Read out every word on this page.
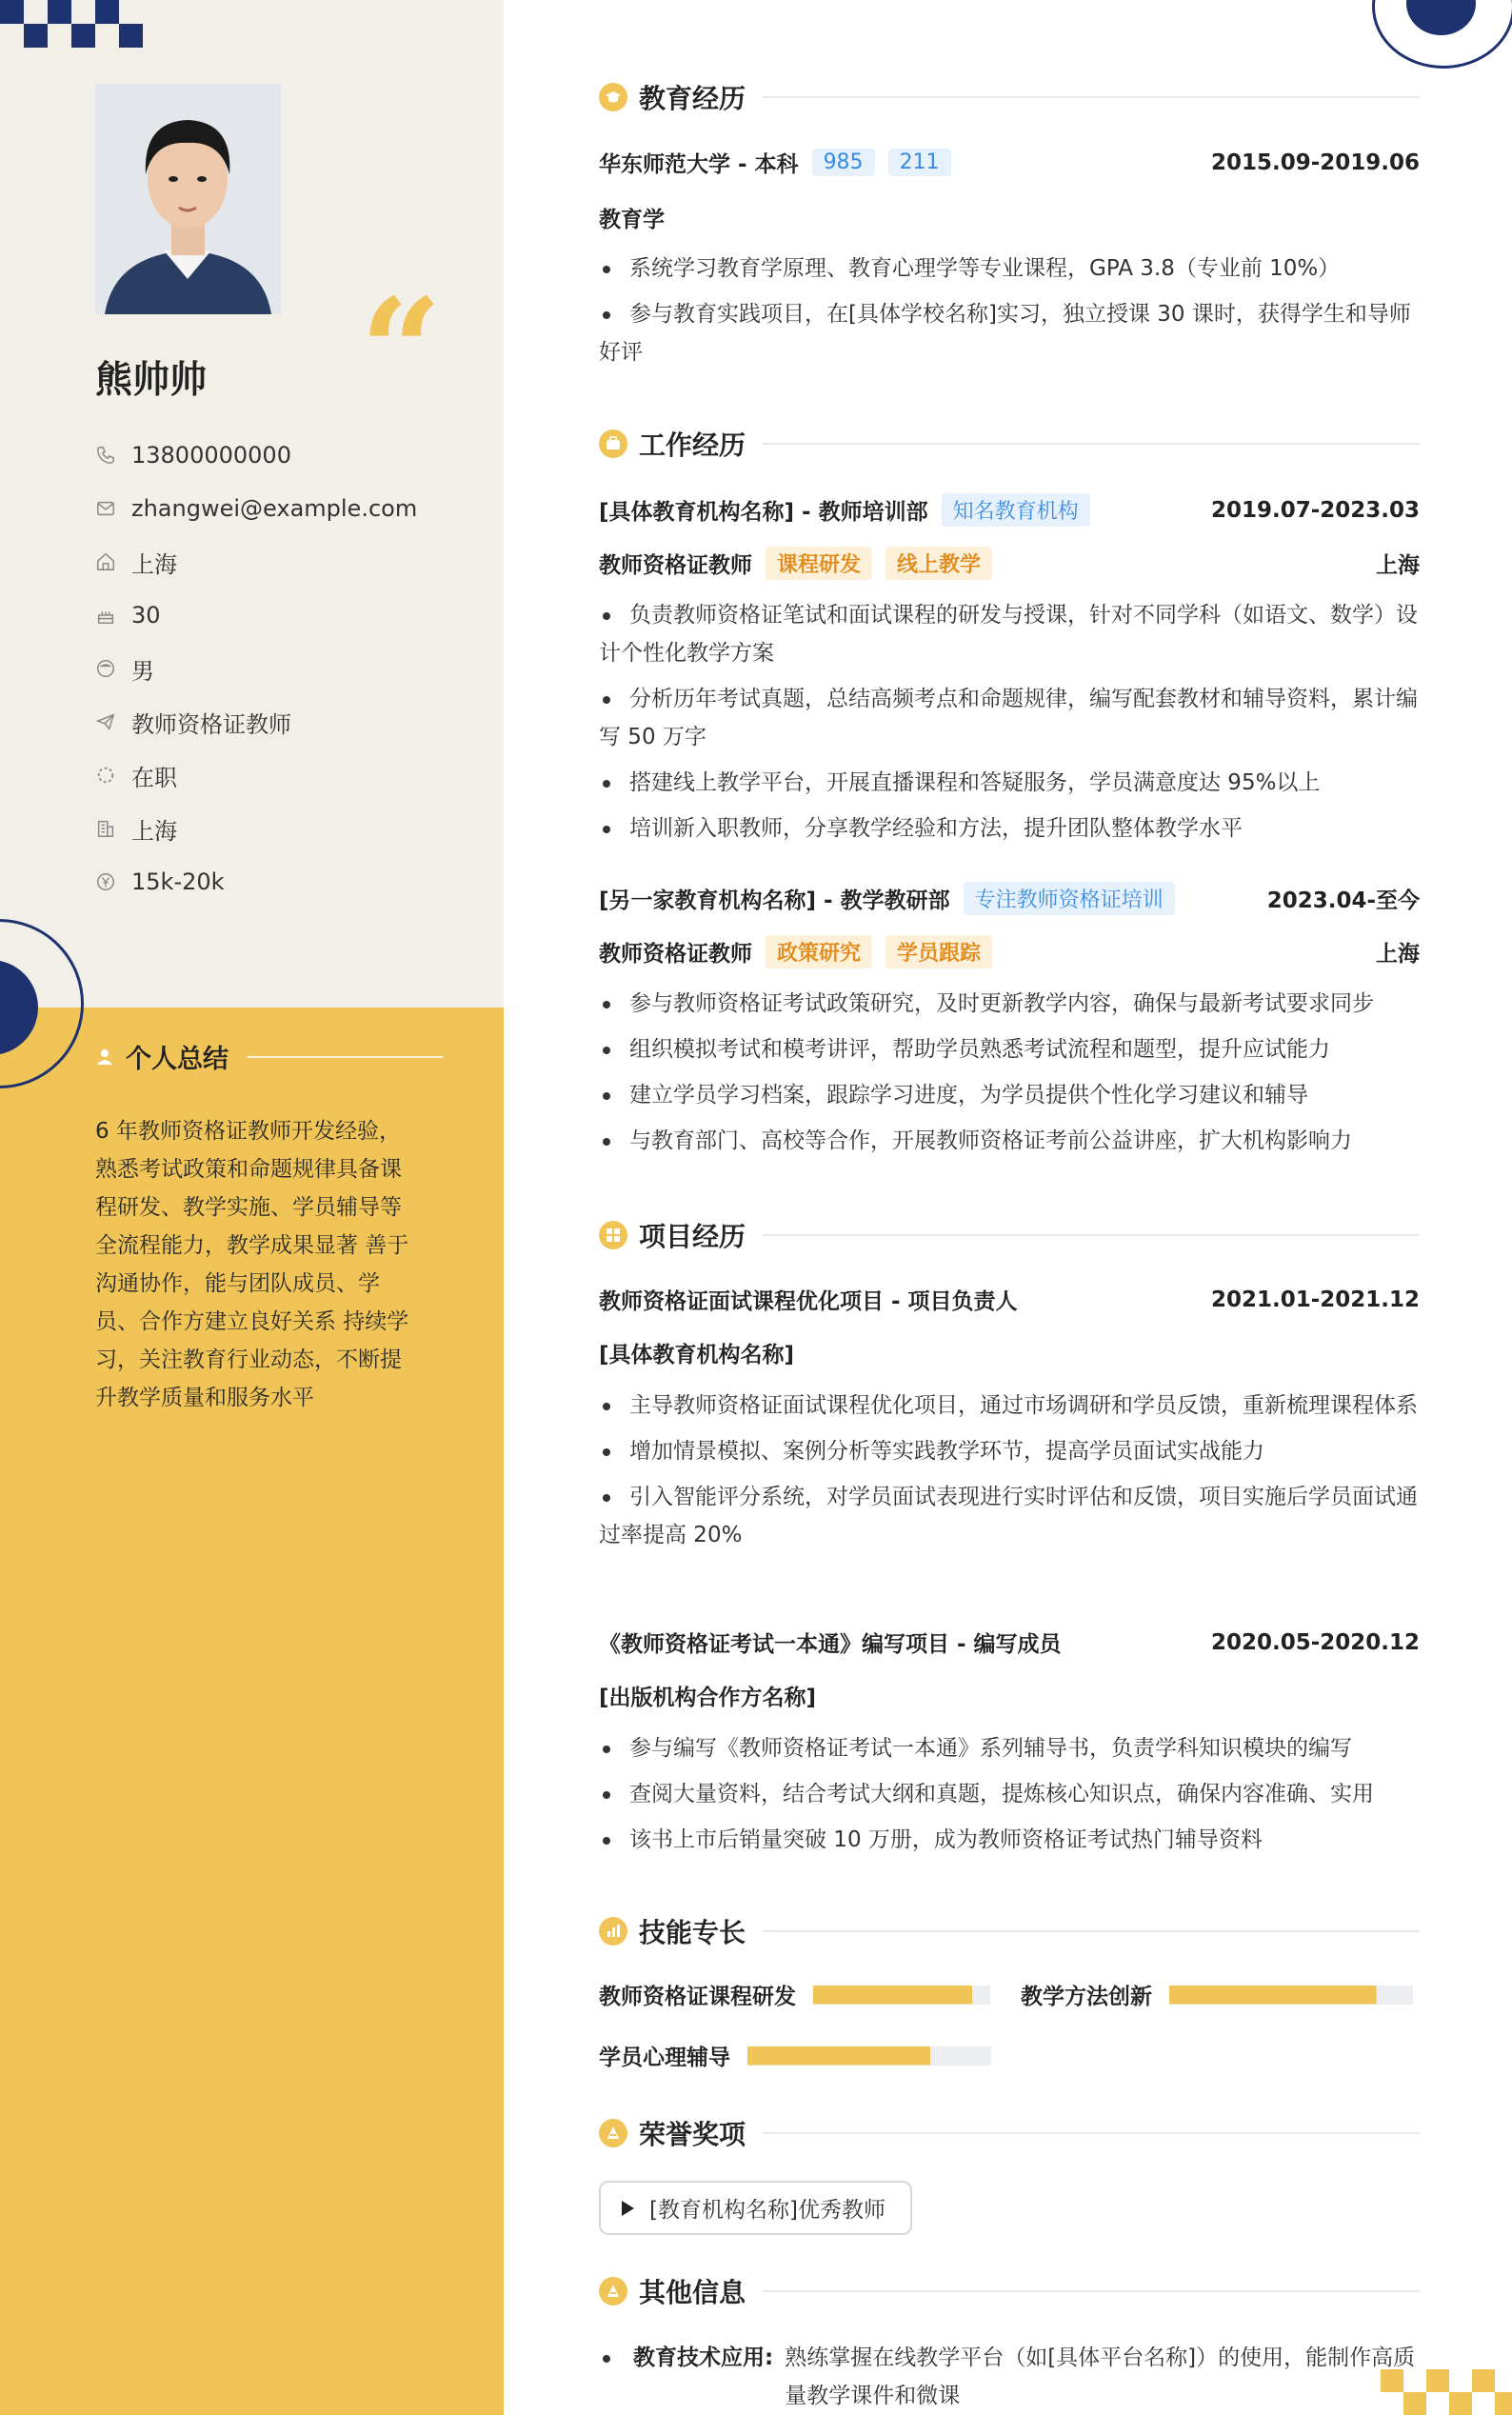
“
熊帅帅
13800000000
zhangwei@example.com
上海
30
男
教师资格证教师
在职
上海
15k-20k
个人总结
6 年教师资格证教师开发经验，熟悉考试政策和命题规律具备课程研发、教学实施、学员辅导等全流程能力，教学成果显著 善于沟通协作，能与团队成员、学员、合作方建立良好关系 持续学习，关注教育行业动态，不断提升教学质量和服务水平
教育经历
华东师范大学 - 本科	985	211	2015.09-2019.06
教育学
系统学习教育学原理、教育心理学等专业课程，GPA 3.8（专业前 10%）
参与教育实践项目，在[具体学校名称]实习，独立授课 30 课时，获得学生和导师好评
工作经历
[具体教育机构名称] - 教师培训部	知名教育机构	2019.07-2023.03
教师资格证教师	课程研发	线上教学	上海
负责教师资格证笔试和面试课程的研发与授课，针对不同学科（如语文、数学）设计个性化教学方案
分析历年考试真题，总结高频考点和命题规律，编写配套教材和辅导资料，累计编写 50 万字
搭建线上教学平台，开展直播课程和答疑服务，学员满意度达 95%以上
培训新入职教师，分享教学经验和方法，提升团队整体教学水平
[另一家教育机构名称] - 教学教研部	专注教师资格证培训	2023.04-至今
教师资格证教师	政策研究	学员跟踪	上海
参与教师资格证考试政策研究，及时更新教学内容，确保与最新考试要求同步
组织模拟考试和模考讲评，帮助学员熟悉考试流程和题型，提升应试能力
建立学员学习档案，跟踪学习进度，为学员提供个性化学习建议和辅导
与教育部门、高校等合作，开展教师资格证考前公益讲座，扩大机构影响力
项目经历
教师资格证面试课程优化项目 - 项目负责人	2021.01-2021.12
[具体教育机构名称]
主导教师资格证面试课程优化项目，通过市场调研和学员反馈，重新梳理课程体系
增加情景模拟、案例分析等实践教学环节，提高学员面试实战能力
引入智能评分系统，对学员面试表现进行实时评估和反馈，项目实施后学员面试通过率提高 20%
《教师资格证考试一本通》编写项目 - 编写成员	2020.05-2020.12
[出版机构合作方名称]
参与编写《教师资格证考试一本通》系列辅导书，负责学科知识模块的编写
查阅大量资料，结合考试大纲和真题，提炼核心知识点，确保内容准确、实用
该书上市后销量突破 10 万册，成为教师资格证考试热门辅导资料
技能专长
教师资格证课程研发	教学方法创新
学员心理辅导
荣誉奖项
[教育机构名称]优秀教师
其他信息
教育技术应用: 熟练掌握在线教学平台（如[具体平台名称]）的使用，能制作高质量教学课件和微课
